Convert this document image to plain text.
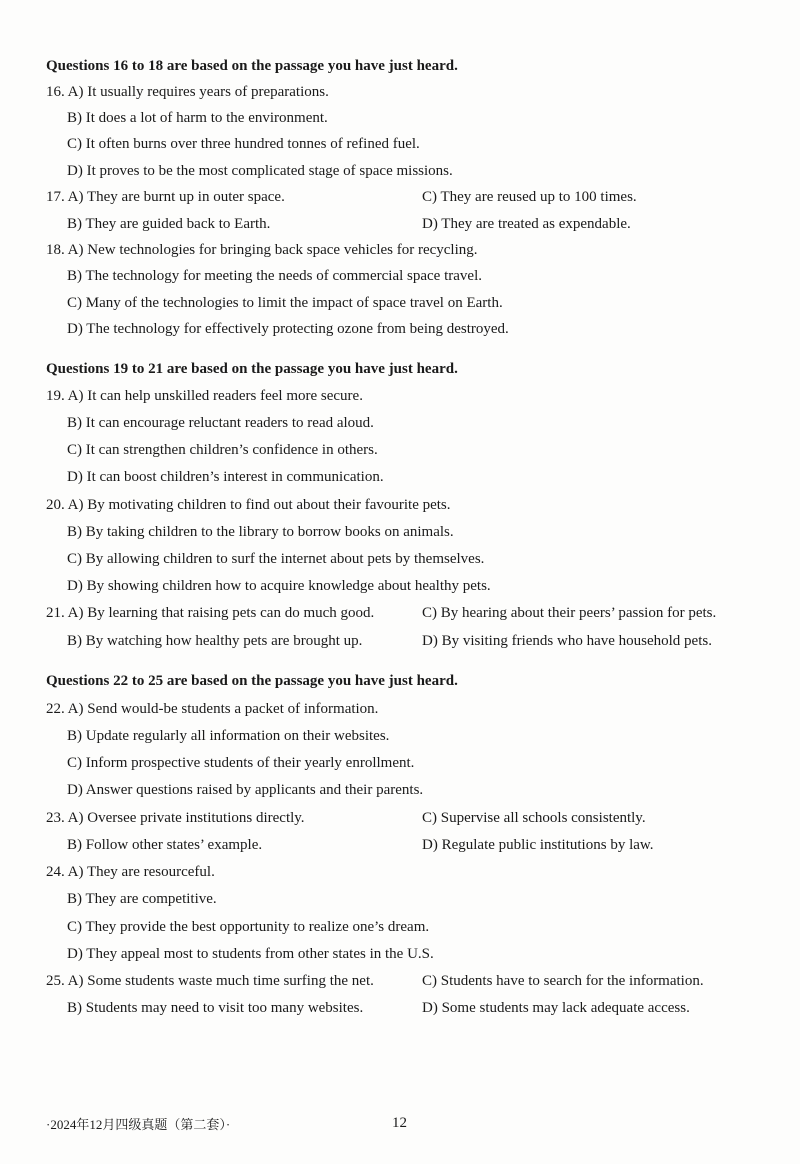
Questions 16 to 18 are based on the passage you have just heard.
16. A) It usually requires years of preparations.
B) It does a lot of harm to the environment.
C) It often burns over three hundred tonnes of refined fuel.
D) It proves to be the most complicated stage of space missions.
17. A) They are burnt up in outer space.	C) They are reused up to 100 times.
B) They are guided back to Earth.	D) They are treated as expendable.
18. A) New technologies for bringing back space vehicles for recycling.
B) The technology for meeting the needs of commercial space travel.
C) Many of the technologies to limit the impact of space travel on Earth.
D) The technology for effectively protecting ozone from being destroyed.
Questions 19 to 21 are based on the passage you have just heard.
19. A) It can help unskilled readers feel more secure.
B) It can encourage reluctant readers to read aloud.
C) It can strengthen children’s confidence in others.
D) It can boost children’s interest in communication.
20. A) By motivating children to find out about their favourite pets.
B) By taking children to the library to borrow books on animals.
C) By allowing children to surf the internet about pets by themselves.
D) By showing children how to acquire knowledge about healthy pets.
21. A) By learning that raising pets can do much good.	C) By hearing about their peers’ passion for pets.
B) By watching how healthy pets are brought up.	D) By visiting friends who have household pets.
Questions 22 to 25 are based on the passage you have just heard.
22. A) Send would-be students a packet of information.
B) Update regularly all information on their websites.
C) Inform prospective students of their yearly enrollment.
D) Answer questions raised by applicants and their parents.
23. A) Oversee private institutions directly.	C) Supervise all schools consistently.
B) Follow other states’ example.	D) Regulate public institutions by law.
24. A) They are resourceful.
B) They are competitive.
C) They provide the best opportunity to realize one’s dream.
D) They appeal most to students from other states in the U.S.
25. A) Some students waste much time surfing the net.	C) Students have to search for the information.
B) Students may need to visit too many websites.	D) Some students may lack adequate access.
·2024年12月四级真题（第二套）·	12
